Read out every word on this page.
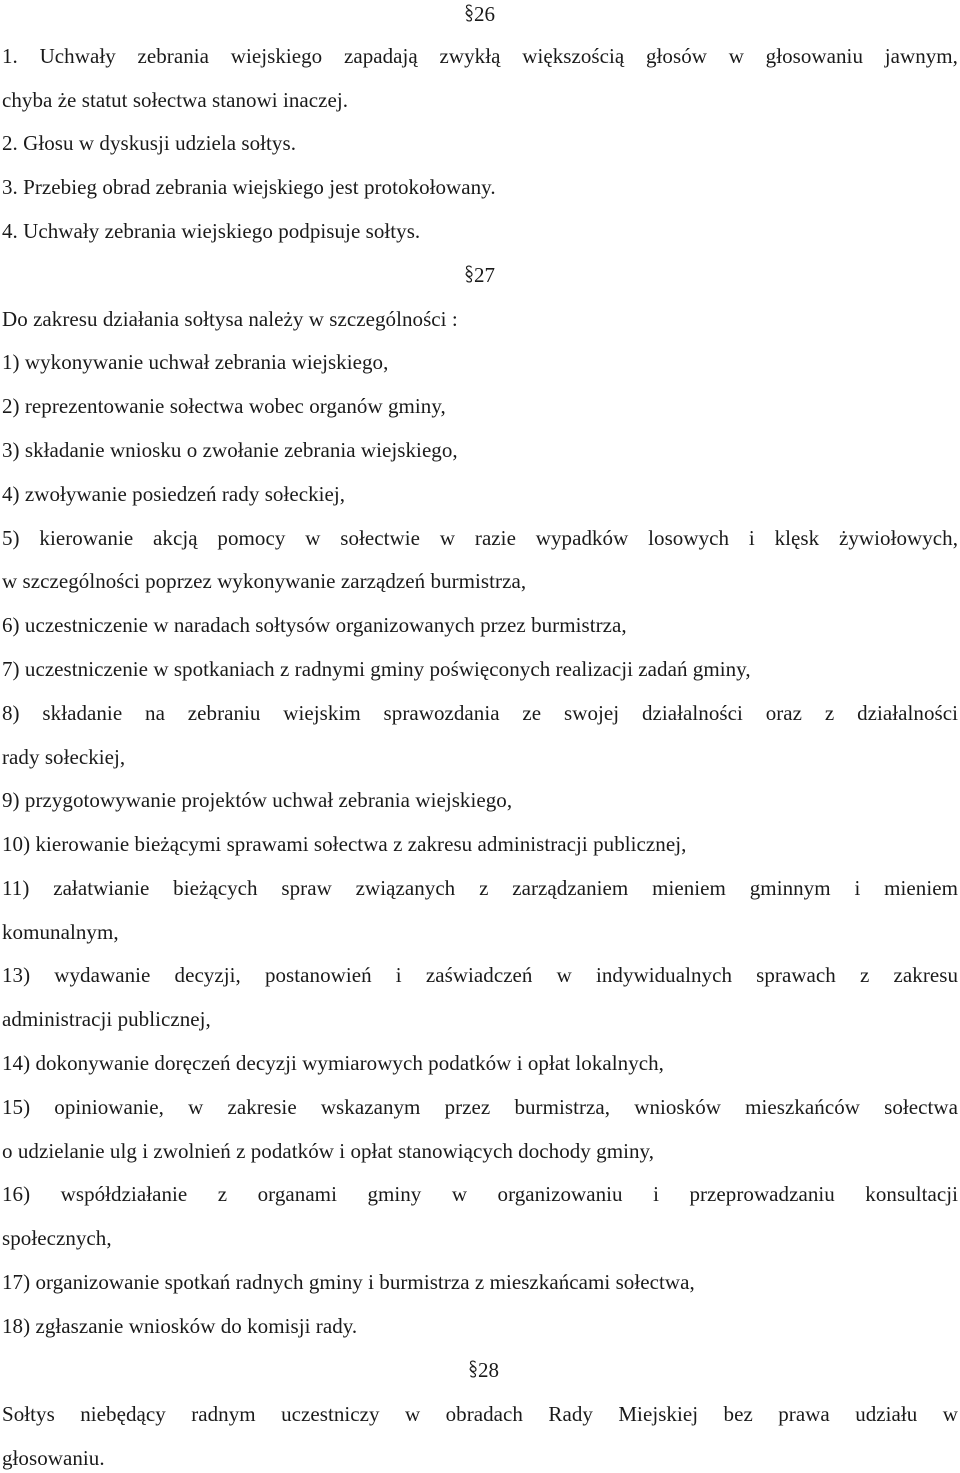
26
1. Uchwały zebrania wiejskiego zapadają zwykłą większością głosów w głosowaniu jawnym,
chyba że statut sołectwa stanowi inaczej.
2. Głosu w dyskusji udziela sołtys.
3. Przebieg obrad zebrania wiejskiego jest protokołowany.
4. Uchwały zebrania wiejskiego podpisuje sołtys.
27
Do zakresu działania sołtysa należy w szczególności :
1) wykonywanie uchwał zebrania wiejskiego,
2) reprezentowanie sołectwa wobec organów gminy,
3) składanie wniosku o zwołanie zebrania wiejskiego,
4) zwoływanie posiedzeń rady sołeckiej,
5) kierowanie akcją pomocy w sołectwie w razie wypadków losowych i klęsk żywiołowych,
w szczególności poprzez wykonywanie zarządzeń burmistrza,
6) uczestniczenie w naradach sołtysów organizowanych przez burmistrza,
7) uczestniczenie w spotkaniach z radnymi gminy poświęconych realizacji zadań gminy,
8) składanie na zebraniu wiejskim sprawozdania ze swojej działalności oraz z działalności
rady sołeckiej,
9) przygotowywanie projektów uchwał zebrania wiejskiego,
10) kierowanie bieżącymi sprawami sołectwa z zakresu administracji publicznej,
11) załatwianie bieżących spraw związanych z zarządzaniem mieniem gminnym i mieniem
komunalnym,
13) wydawanie decyzji, postanowień i zaświadczeń w indywidualnych sprawach z zakresu
administracji publicznej,
14) dokonywanie doręczeń decyzji wymiarowych podatków i opłat lokalnych,
15) opiniowanie, w zakresie wskazanym przez burmistrza, wniosków mieszkańców sołectwa
o udzielanie ulg i zwolnień z podatków i opłat stanowiących dochody gminy,
16) współdziałanie z organami gminy w organizowaniu i przeprowadzaniu konsultacji
społecznych,
17) organizowanie spotkań radnych gminy i burmistrza z mieszkańcami sołectwa,
18) zgłaszanie wniosków do komisji rady.
28
Sołtys niebędący radnym uczestniczy w obradach Rady Miejskiej bez prawa udziału w
głosowaniu.
